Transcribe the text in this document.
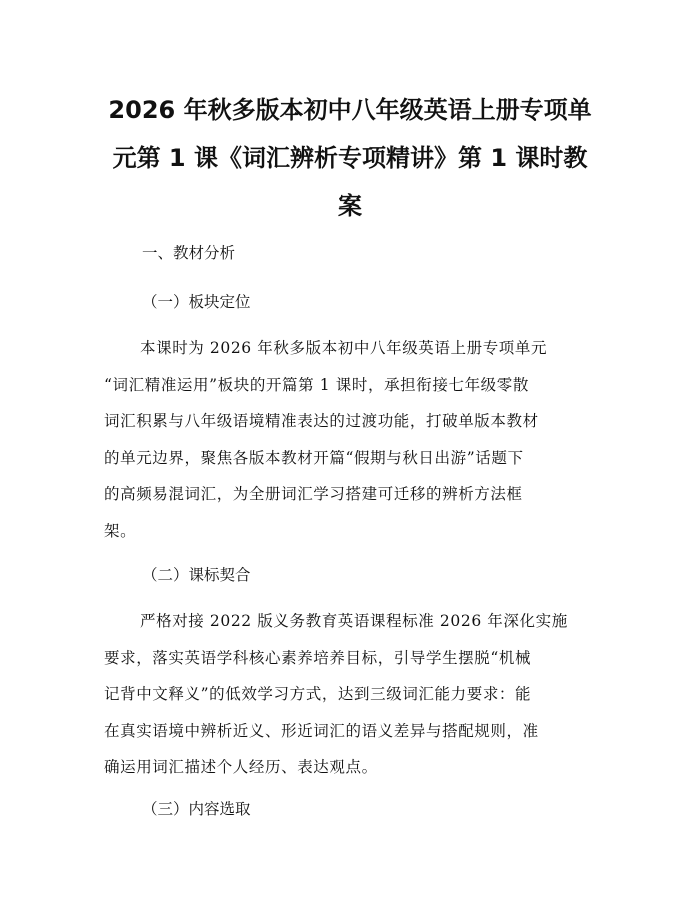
2026 年秋多版本初中八年级英语上册专项单
元第 1 课《词汇辨析专项精讲》第 1 课时教
案
一、教材分析
（一）板块定位
本课时为 2026 年秋多版本初中八年级英语上册专项单元
“词汇精准运用”板块的开篇第 1 课时，承担衔接七年级零散
词汇积累与八年级语境精准表达的过渡功能，打破单版本教材
的单元边界，聚焦各版本教材开篇“假期与秋日出游”话题下
的高频易混词汇，为全册词汇学习搭建可迁移的辨析方法框
架。
（二）课标契合
严格对接 2022 版义务教育英语课程标准 2026 年深化实施
要求，落实英语学科核心素养培养目标，引导学生摆脱“机械
记背中文释义”的低效学习方式，达到三级词汇能力要求：能
在真实语境中辨析近义、形近词汇的语义差异与搭配规则，准
确运用词汇描述个人经历、表达观点。
（三）内容选取
